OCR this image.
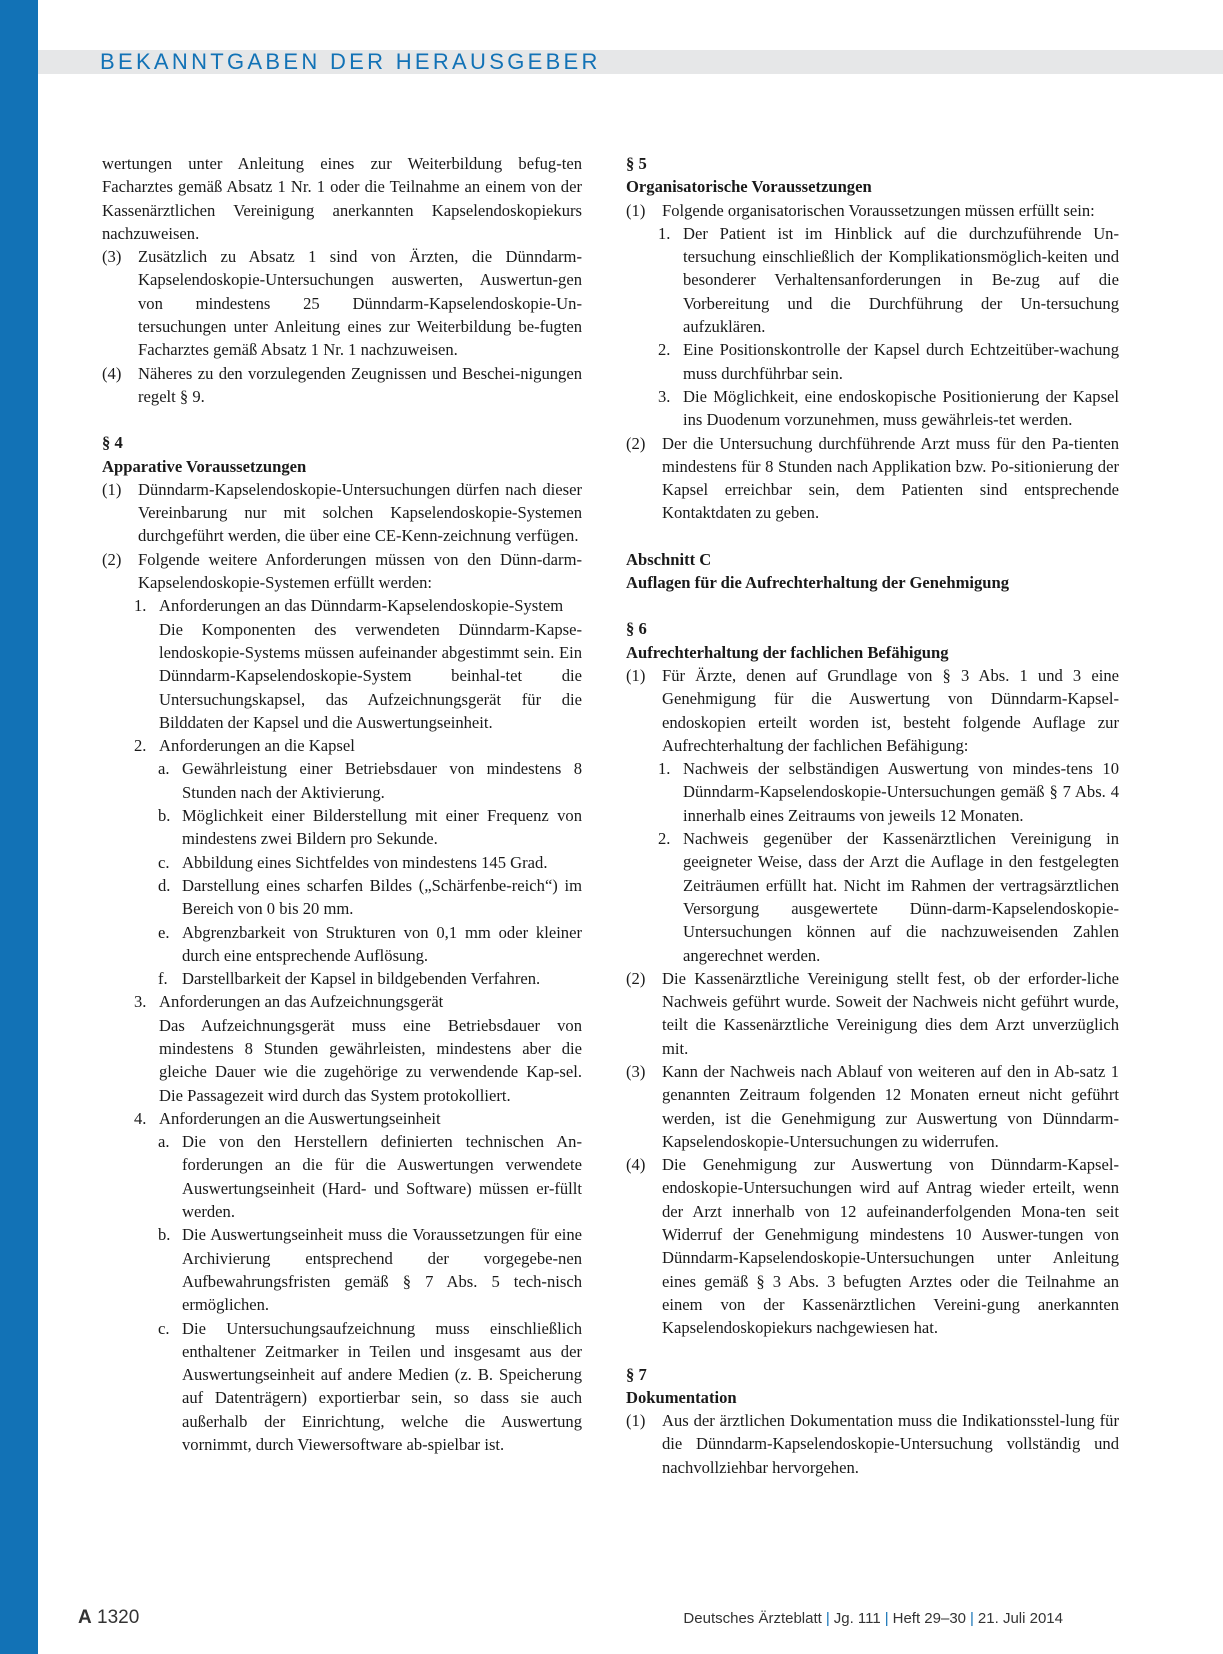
BEKANNTGABEN DER HERAUSGEBER

wertungen unter Anleitung eines zur Weiterbildung befug-ten Facharztes gemäß Absatz 1 Nr. 1 oder die Teilnahme an einem von der Kassenärztlichen Vereinigung anerkannten Kapselendoskopiekurs nachzuweisen.

(3) Zusätzlich zu Absatz 1 sind von Ärzten, die Dünndarm-Kapselendoskopie-Untersuchungen auswerten, Auswertun-gen von mindestens 25 Dünndarm-Kapselendoskopie-Un-tersuchungen unter Anleitung eines zur Weiterbildung be-fugten Facharztes gemäß Absatz 1 Nr. 1 nachzuweisen.

(4) Näheres zu den vorzulegenden Zeugnissen und Beschei-nigungen regelt § 9.

§ 4

Apparative Voraussetzungen

(1) Dünndarm-Kapselendoskopie-Untersuchungen dürfen nach dieser Vereinbarung nur mit solchen Kapselendoskopie-Systemen durchgeführt werden, die über eine CE-Kenn-zeichnung verfügen.

(2) Folgende weitere Anforderungen müssen von den Dünn-darm-Kapselendoskopie-Systemen erfüllt werden:

1. Anforderungen an das Dünndarm-Kapselendoskopie-System

Die Komponenten des verwendeten Dünndarm-Kapse-lendoskopie-Systems müssen aufeinander abgestimmt sein. Ein Dünndarm-Kapselendoskopie-System beinhal-tet die Untersuchungskapsel, das Aufzeichnungsgerät für die Bilddaten der Kapsel und die Auswertungseinheit.

2. Anforderungen an die Kapsel

a. Gewährleistung einer Betriebsdauer von mindestens 8 Stunden nach der Aktivierung.

b. Möglichkeit einer Bilderstellung mit einer Frequenz von mindestens zwei Bildern pro Sekunde.

c. Abbildung eines Sichtfeldes von mindestens 145 Grad.

d. Darstellung eines scharfen Bildes („Schärfenbe-reich“) im Bereich von 0 bis 20 mm.

e. Abgrenzbarkeit von Strukturen von 0,1 mm oder kleiner durch eine entsprechende Auflösung.

f. Darstellbarkeit der Kapsel in bildgebenden Verfahren.

3. Anforderungen an das Aufzeichnungsgerät

Das Aufzeichnungsgerät muss eine Betriebsdauer von mindestens 8 Stunden gewährleisten, mindestens aber die gleiche Dauer wie die zugehörige zu verwendende Kap-sel. Die Passagezeit wird durch das System protokolliert.

4. Anforderungen an die Auswertungseinheit

a. Die von den Herstellern definierten technischen An-forderungen an die für die Auswertungen verwendete Auswertungseinheit (Hard- und Software) müssen er-füllt werden.

b. Die Auswertungseinheit muss die Voraussetzungen für eine Archivierung entsprechend der vorgegebe-nen Aufbewahrungsfristen gemäß § 7 Abs. 5 tech-nisch ermöglichen.

c. Die Untersuchungsaufzeichnung muss einschließlich enthaltener Zeitmarker in Teilen und insgesamt aus der Auswertungseinheit auf andere Medien (z. B. Speicherung auf Datenträgern) exportierbar sein, so dass sie auch außerhalb der Einrichtung, welche die Auswertung vornimmt, durch Viewersoftware ab-spielbar ist.

§ 5

Organisatorische Voraussetzungen

(1) Folgende organisatorischen Voraussetzungen müssen erfüllt sein:

1. Der Patient ist im Hinblick auf die durchzuführende Un-tersuchung einschließlich der Komplikationsmöglich-keiten und besonderer Verhaltensanforderungen in Be-zug auf die Vorbereitung und die Durchführung der Un-tersuchung aufzuklären.

2. Eine Positionskontrolle der Kapsel durch Echtzeitüber-wachung muss durchführbar sein.

3. Die Möglichkeit, eine endoskopische Positionierung der Kapsel ins Duodenum vorzunehmen, muss gewährleis-tet werden.

(2) Der die Untersuchung durchführende Arzt muss für den Pa-tienten mindestens für 8 Stunden nach Applikation bzw. Po-sitionierung der Kapsel erreichbar sein, dem Patienten sind entsprechende Kontaktdaten zu geben.

Abschnitt C

Auflagen für die Aufrechterhaltung der Genehmigung

§ 6

Aufrechterhaltung der fachlichen Befähigung

(1) Für Ärzte, denen auf Grundlage von § 3 Abs. 1 und 3 eine Genehmigung für die Auswertung von Dünndarm-Kapsel-endoskopien erteilt worden ist, besteht folgende Auflage zur Aufrechterhaltung der fachlichen Befähigung:

1. Nachweis der selbständigen Auswertung von mindes-tens 10 Dünndarm-Kapselendoskopie-Untersuchungen gemäß § 7 Abs. 4 innerhalb eines Zeitraums von jeweils 12 Monaten.

2. Nachweis gegenüber der Kassenärztlichen Vereinigung in geeigneter Weise, dass der Arzt die Auflage in den festgelegten Zeiträumen erfüllt hat. Nicht im Rahmen der vertragsärztlichen Versorgung ausgewertete Dünn-darm-Kapselendoskopie-Untersuchungen können auf die nachzuweisenden Zahlen angerechnet werden.

(2) Die Kassenärztliche Vereinigung stellt fest, ob der erforder-liche Nachweis geführt wurde. Soweit der Nachweis nicht geführt wurde, teilt die Kassenärztliche Vereinigung dies dem Arzt unverzüglich mit.

(3) Kann der Nachweis nach Ablauf von weiteren auf den in Ab-satz 1 genannten Zeitraum folgenden 12 Monaten erneut nicht geführt werden, ist die Genehmigung zur Auswertung von Dünndarm-Kapselendoskopie-Untersuchungen zu widerrufen.

(4) Die Genehmigung zur Auswertung von Dünndarm-Kapsel-endoskopie-Untersuchungen wird auf Antrag wieder erteilt, wenn der Arzt innerhalb von 12 aufeinanderfolgenden Mona-ten seit Widerruf der Genehmigung mindestens 10 Auswer-tungen von Dünndarm-Kapselendoskopie-Untersuchungen unter Anleitung eines gemäß § 3 Abs. 3 befugten Arztes oder die Teilnahme an einem von der Kassenärztlichen Vereini-gung anerkannten Kapselendoskopiekurs nachgewiesen hat.

§ 7

Dokumentation

(1) Aus der ärztlichen Dokumentation muss die Indikationsstel-lung für die Dünndarm-Kapselendoskopie-Untersuchung vollständig und nachvollziehbar hervorgehen.

A 1320	Deutsches Ärzteblatt | Jg. 111 | Heft 29–30 | 21. Juli 2014
